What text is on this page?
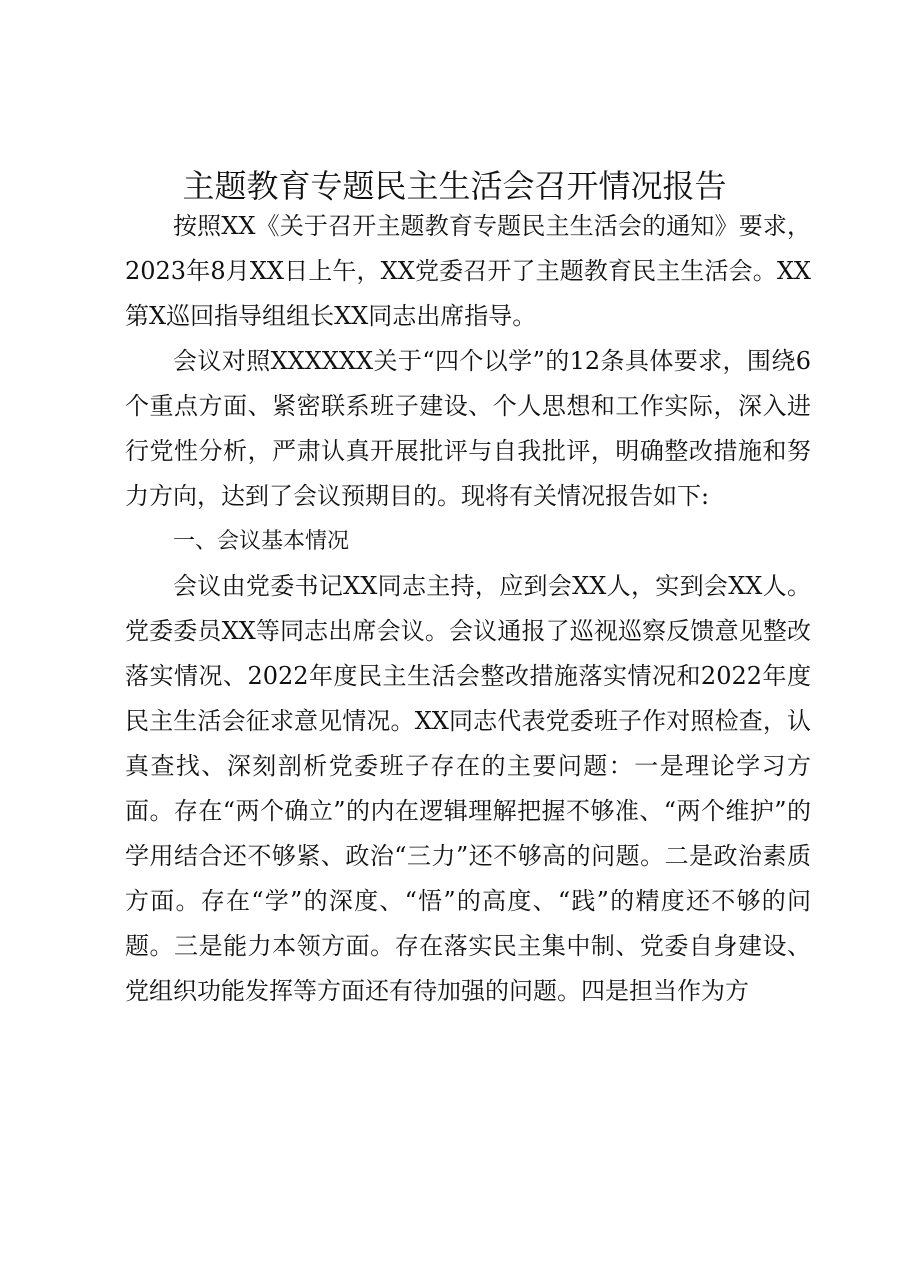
主题教育专题民主生活会召开情况报告

按照XX《关于召开主题教育专题民主生活会的通知》要求，2023年8月XX日上午，XX党委召开了主题教育民主生活会。XX第X巡回指导组组长XX同志出席指导。

会议对照XXXXXX关于“四个以学”的12条具体要求，围绕6个重点方面、紧密联系班子建设、个人思想和工作实际，深入进行党性分析，严肃认真开展批评与自我批评，明确整改措施和努力方向，达到了会议预期目的。现将有关情况报告如下:

一、会议基本情况

会议由党委书记XX同志主持，应到会XX人，实到会XX人。党委委员XX等同志出席会议。会议通报了巡视巡察反馈意见整改落实情况、2022年度民主生活会整改措施落实情况和2022年度民主生活会征求意见情况。XX同志代表党委班子作对照检查，认真查找、深刻剖析党委班子存在的主要问题：一是理论学习方面。存在“两个确立”的内在逻辑理解把握不够准、“两个维护”的学用结合还不够紧、政治“三力”还不够高的问题。二是政治素质方面。存在“学”的深度、“悟”的高度、“践”的精度还不够的问题。三是能力本领方面。存在落实民主集中制、党委自身建设、党组织功能发挥等方面还有待加强的问题。四是担当作为方
